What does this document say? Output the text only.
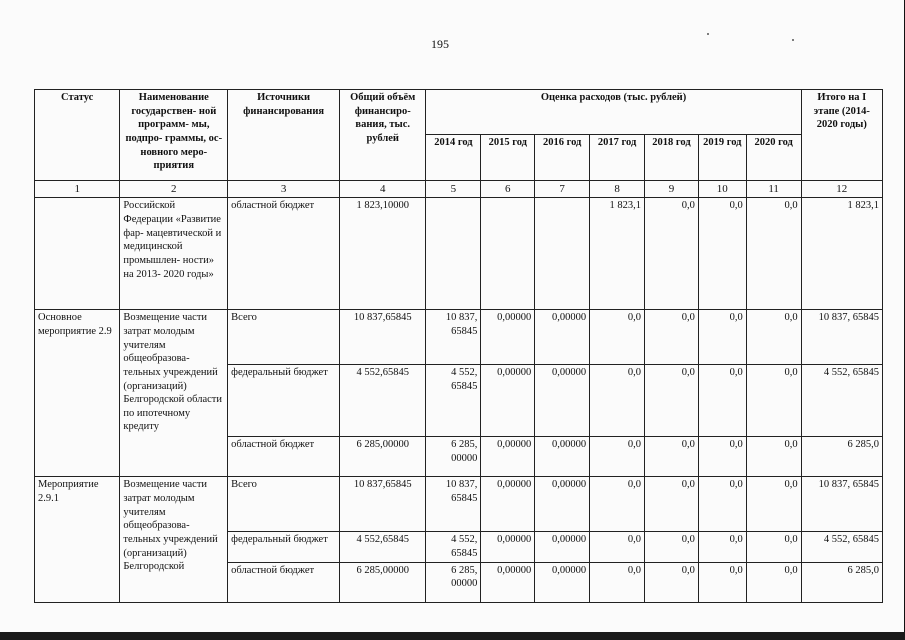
195
Статус	Наименование государствен- ной программ- мы, подпро- граммы, ос- новного меро- приятия	Источники финансирования	Общий объём финансиро- вания, тыс. рублей	Оценка расходов (тыс. рублей)							Итого на I этапе (2014- 2020 годы)
				2014 год	2015 год	2016 год	2017 год	2018 год	2019 год	2020 год	
1	2	3	4	5	6	7	8	9	10	11	12
	Российской Федерации «Развитие фар- мацевтической и медицинской промышлен- ности» на 2013- 2020 годы»	областной бюджет	1 823,10000				1 823,1	0,0	0,0	0,0	1 823,1
Основное мероприятие 2.9	Возмещение части затрат молодым учителям общеобразова- тельных учреждений (организаций) Белгородской области по ипотечному кредиту	Всего	10 837,65845	10 837, 65845	0,00000	0,00000	0,0	0,0	0,0	0,0	10 837, 65845
		федеральный бюджет	4 552,65845	4 552, 65845	0,00000	0,00000	0,0	0,0	0,0	0,0	4 552, 65845
		областной бюджет	6 285,00000	6 285, 00000	0,00000	0,00000	0,0	0,0	0,0	0,0	6 285,0
Мероприятие 2.9.1	Возмещение части затрат молодым учителям общеобразова- тельных учреждений (организаций) Белгородской	Всего	10 837,65845	10 837, 65845	0,00000	0,00000	0,0	0,0	0,0	0,0	10 837, 65845
		федеральный бюджет	4 552,65845	4 552, 65845	0,00000	0,00000	0,0	0,0	0,0	0,0	4 552, 65845
		областной бюджет	6 285,00000	6 285, 00000	0,00000	0,00000	0,0	0,0	0,0	0,0	6 285,0
